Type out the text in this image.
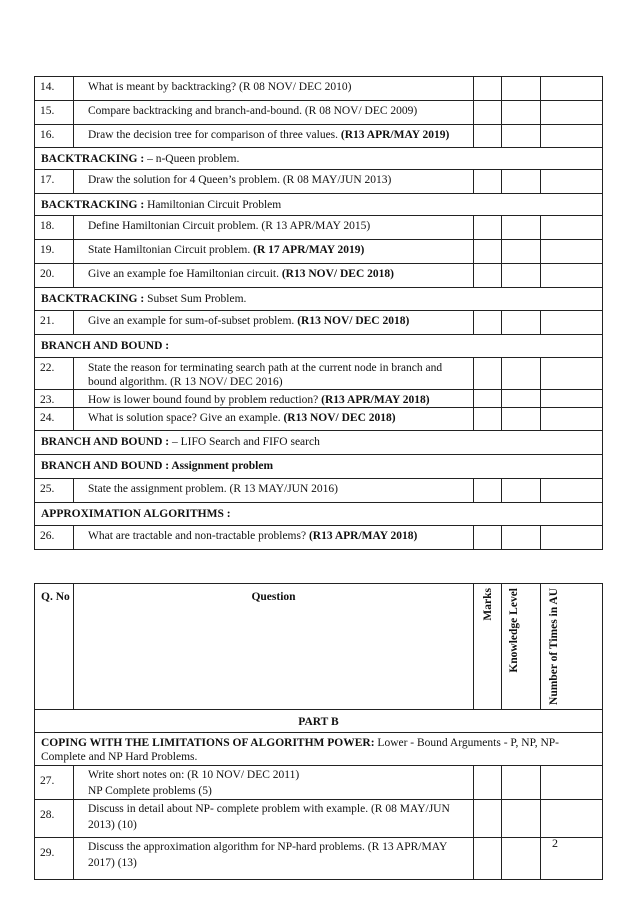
14.	What is meant by backtracking? (R 08 NOV/ DEC 2010)			
15.	Compare backtracking and branch-and-bound. (R 08 NOV/ DEC 2009)			
16.	Draw the decision tree for comparison of three values. (R13 APR/MAY 2019)			
BACKTRACKING : – n-Queen problem.				
17.	Draw the solution for 4 Queen’s problem. (R 08 MAY/JUN 2013)			
BACKTRACKING : Hamiltonian Circuit Problem				
18.	Define Hamiltonian Circuit problem. (R 13 APR/MAY 2015)			
19.	State Hamiltonian Circuit problem. (R 17 APR/MAY 2019)			
20.	Give an example foe Hamiltonian circuit. (R13 NOV/ DEC 2018)			
BACKTRACKING : Subset Sum Problem.				
21.	Give an example for sum-of-subset problem. (R13 NOV/ DEC 2018)			
BRANCH AND BOUND :				
22.	State the reason for terminating search path at the current node in branch and bound algorithm. (R 13 NOV/ DEC 2016)			
23.	How is lower bound found by problem reduction? (R13 APR/MAY 2018)			
24.	What is solution space? Give an example. (R13 NOV/ DEC 2018)			
BRANCH AND BOUND : – LIFO Search and FIFO search				
BRANCH AND BOUND : Assignment problem				
25.	State the assignment problem. (R 13 MAY/JUN 2016)			
APPROXIMATION ALGORITHMS :				
26.	What are tractable and non-tractable problems? (R13 APR/MAY 2018)			
Q. No	Question	Marks	Knowledge Level	Number of Times in AU

PART B				
COPING WITH THE LIMITATIONS OF ALGORITHM POWER: Lower - Bound Arguments - P, NP, NP-Complete and NP Hard Problems.				
27.	Write short notes on: (R 10 NOV/ DEC 2011)
NP Complete problems (5)			

28.	Discuss in detail about NP- complete problem with example. (R 08 MAY/JUN
2013) (10)			

29.	Discuss the approximation algorithm for NP-hard problems. (R 13 APR/MAY
2017) (13)			

2
